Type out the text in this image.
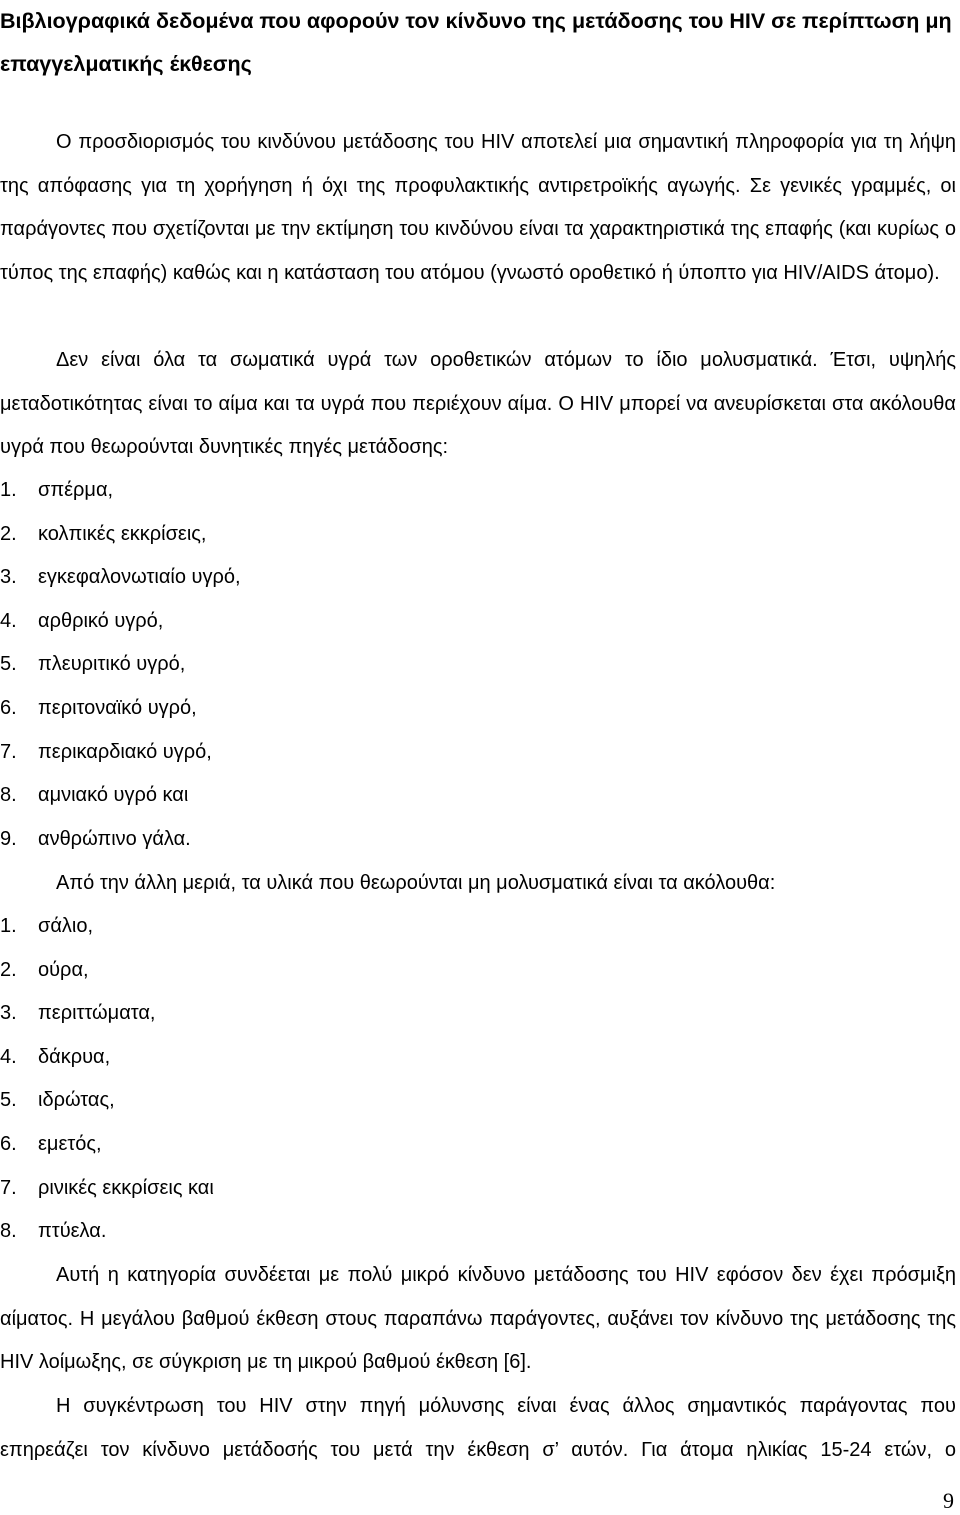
Βιβλιογραφικά δεδομένα που αφορούν τον κίνδυνο της μετάδοσης του HIV σε περίπτωση μη
επαγγελματικής έκθεσης

Ο προσδιορισμός του κινδύνου μετάδοσης του HIV αποτελεί μια σημαντική πληροφορία για τη λήψη της απόφασης για τη χορήγηση ή όχι της προφυλακτικής αντιρετροϊκής αγωγής. Σε γενικές γραμμές, οι παράγοντες που σχετίζονται με την εκτίμηση του κινδύνου είναι τα χαρακτηριστικά της επαφής (και κυρίως ο τύπος της επαφής) καθώς και η κατάσταση του ατόμου (γνωστό οροθετικό ή ύποπτο για HIV/AIDS άτομο).

Δεν είναι όλα τα σωματικά υγρά των οροθετικών ατόμων το ίδιο μολυσματικά. Έτσι, υψηλής μεταδοτικότητας είναι το αίμα και τα υγρά που περιέχουν αίμα. Ο HIV μπορεί να ανευρίσκεται στα ακόλουθα υγρά που θεωρούνται δυνητικές πηγές μετάδοσης:

1. σπέρμα,
2. κολπικές εκκρίσεις,
3. εγκεφαλονωτιαίο υγρό,
4. αρθρικό υγρό,
5. πλευριτικό υγρό,
6. περιτοναϊκό υγρό,
7. περικαρδιακό υγρό,
8. αμνιακό υγρό και
9. ανθρώπινο γάλα.
Από την άλλη μεριά, τα υλικά που θεωρούνται μη μολυσματικά είναι τα ακόλουθα:
1. σάλιο,
2. ούρα,
3. περιττώματα,
4. δάκρυα,
5. ιδρώτας,
6. εμετός,
7. ρινικές εκκρίσεις και
8. πτύελα.

Αυτή η κατηγορία συνδέεται με πολύ μικρό κίνδυνο μετάδοσης του HIV εφόσον δεν έχει πρόσμιξη αίματος. Η μεγάλου βαθμού έκθεση στους παραπάνω παράγοντες, αυξάνει τον κίνδυνο της μετάδοσης της HIV λοίμωξης, σε σύγκριση με τη μικρού βαθμού έκθεση [6].

Η συγκέντρωση του HIV στην πηγή μόλυνσης είναι ένας άλλος σημαντικός παράγοντας που
επηρεάζει τον κίνδυνο μετάδοσής του μετά την έκθεση σ’ αυτόν. Για άτομα ηλικίας 15-24 ετών, ο
9
